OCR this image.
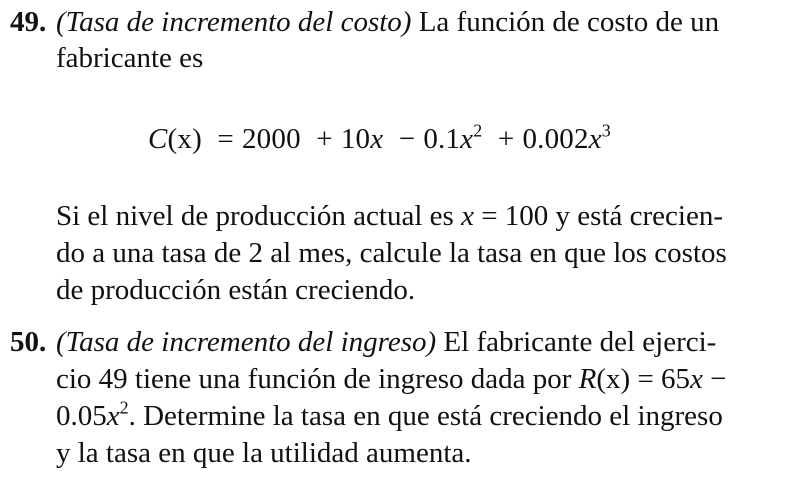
49. (Tasa de incremento del costo) La función de costo de un
fabricante es
$C(x) = 2000 + 10x - 0.1x^2 + 0.002x^3$
Si el nivel de producción actual es x = 100 y está crecien-
do a una tasa de 2 al mes, calcule la tasa en que los costos
de producción están creciendo.
50. (Tasa de incremento del ingreso) El fabricante del ejerci-
cio 49 tiene una función de ingreso dada por R(x) = 65x −
$0.05x^2$. Determine la tasa en que está creciendo el ingreso
y la tasa en que la utilidad aumenta.
